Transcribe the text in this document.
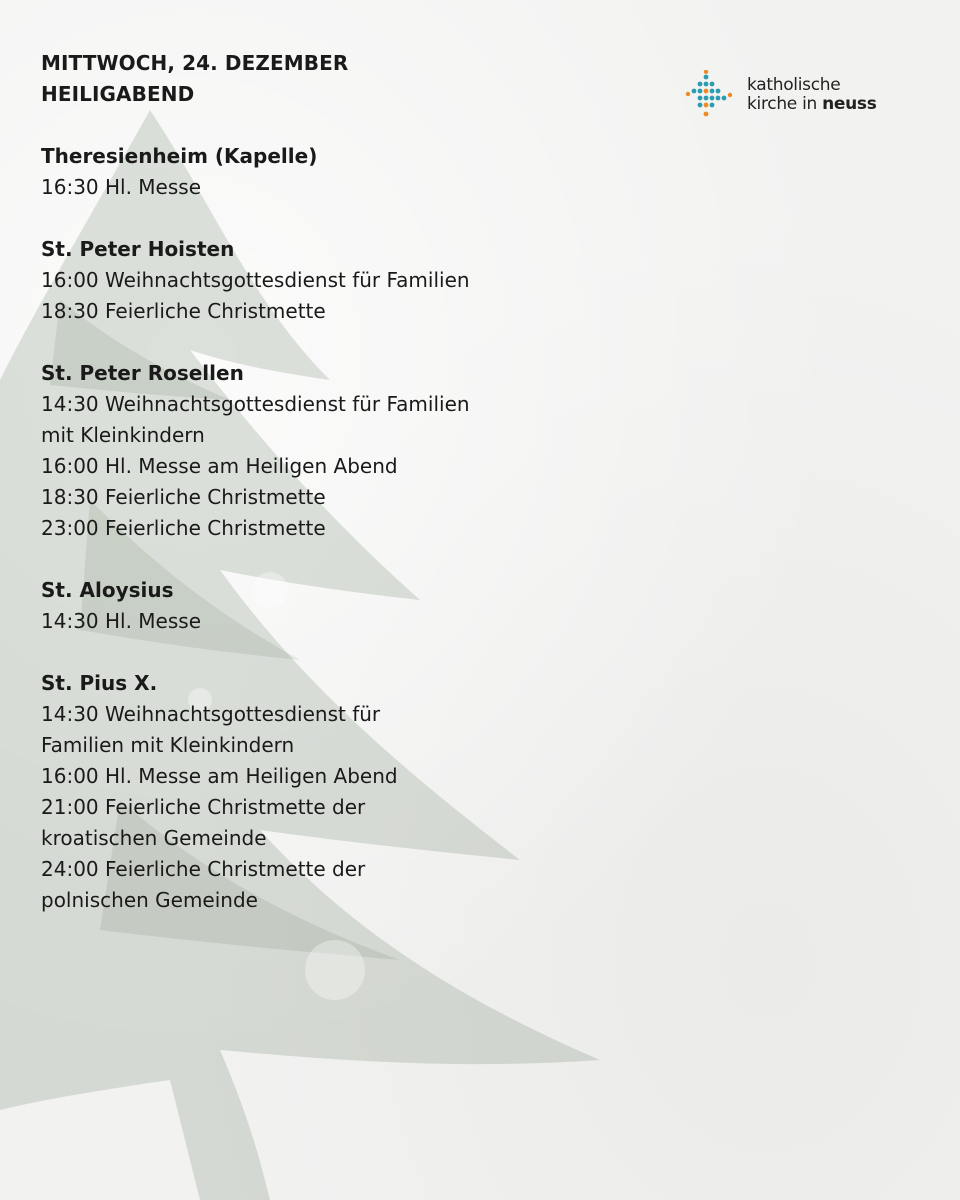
katholische
kirche in neuss
MITTWOCH, 24. DEZEMBER
HEILIGABEND
Theresienheim (Kapelle)
16:30 Hl. Messe
St. Peter Hoisten
16:00 Weihnachtsgottesdienst für Familien
18:30 Feierliche Christmette
St. Peter Rosellen
14:30 Weihnachtsgottesdienst für Familien
mit Kleinkindern
16:00 Hl. Messe am Heiligen Abend
18:30 Feierliche Christmette
23:00 Feierliche Christmette
St. Aloysius
14:30 Hl. Messe
St. Pius X.
14:30 Weihnachtsgottesdienst für
Familien mit Kleinkindern
16:00 Hl. Messe am Heiligen Abend
21:00 Feierliche Christmette der
kroatischen Gemeinde
24:00 Feierliche Christmette der
polnischen Gemeinde
